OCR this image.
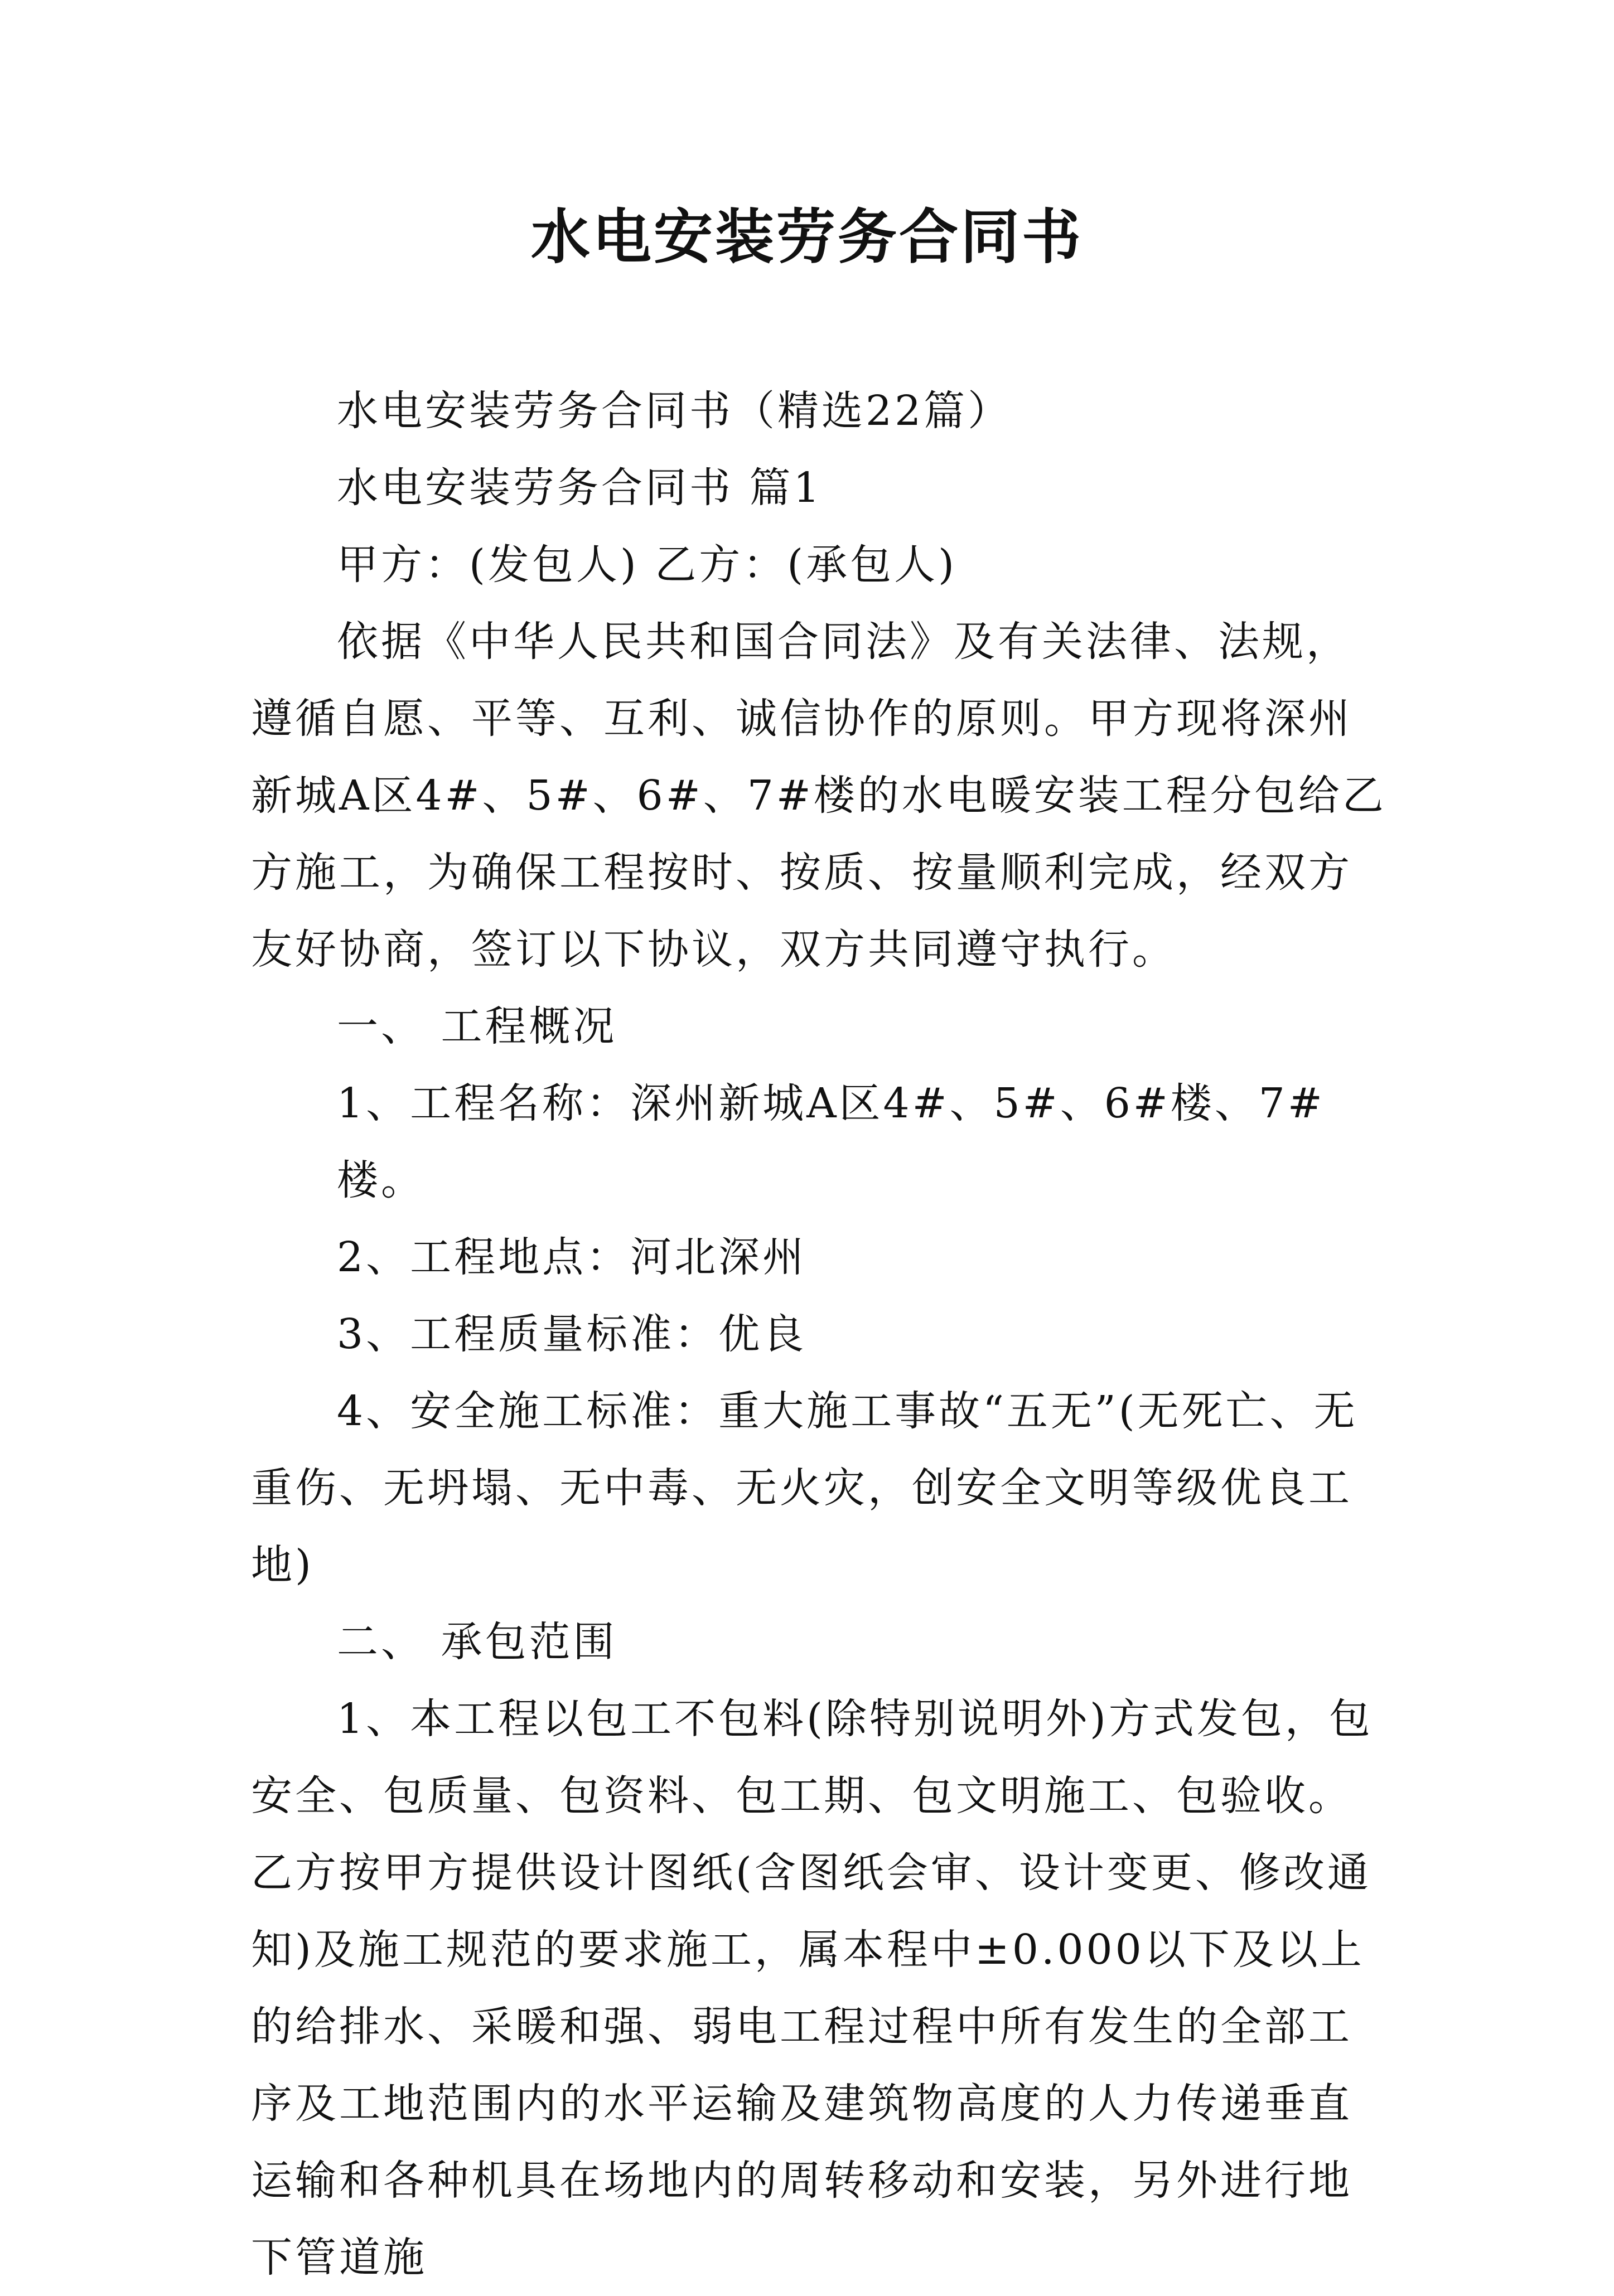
水电安装劳务合同书

水电安装劳务合同书（精选22篇）

水电安装劳务合同书 篇1

甲方：(发包人) 乙方：(承包人)

依据《中华人民共和国合同法》及有关法律、法规，遵循自愿、平等、互利、诚信协作的原则。甲方现将深州新城A区4#、5#、6#、7#楼的水电暖安装工程分包给乙方施工，为确保工程按时、按质、按量顺利完成，经双方友好协商，签订以下协议，双方共同遵守执行。

一、 工程概况

1、工程名称：深州新城A区4#、5#、6#楼、7#楼。

2、工程地点：河北深州

3、工程质量标准：优良

4、安全施工标准：重大施工事故“五无”(无死亡、无重伤、无坍塌、无中毒、无火灾，创安全文明等级优良工地)

二、 承包范围

1、本工程以包工不包料(除特别说明外)方式发包，包安全、包质量、包资料、包工期、包文明施工、包验收。乙方按甲方提供设计图纸(含图纸会审、设计变更、修改通知)及施工规范的要求施工，属本程中±0.000以下及以上的给排水、采暖和强、弱电工程过程中所有发生的全部工序及工地范围内的水平运输及建筑物高度的人力传递垂直运输和各种机具在场地内的周转移动和安装，另外进行地下管道施
